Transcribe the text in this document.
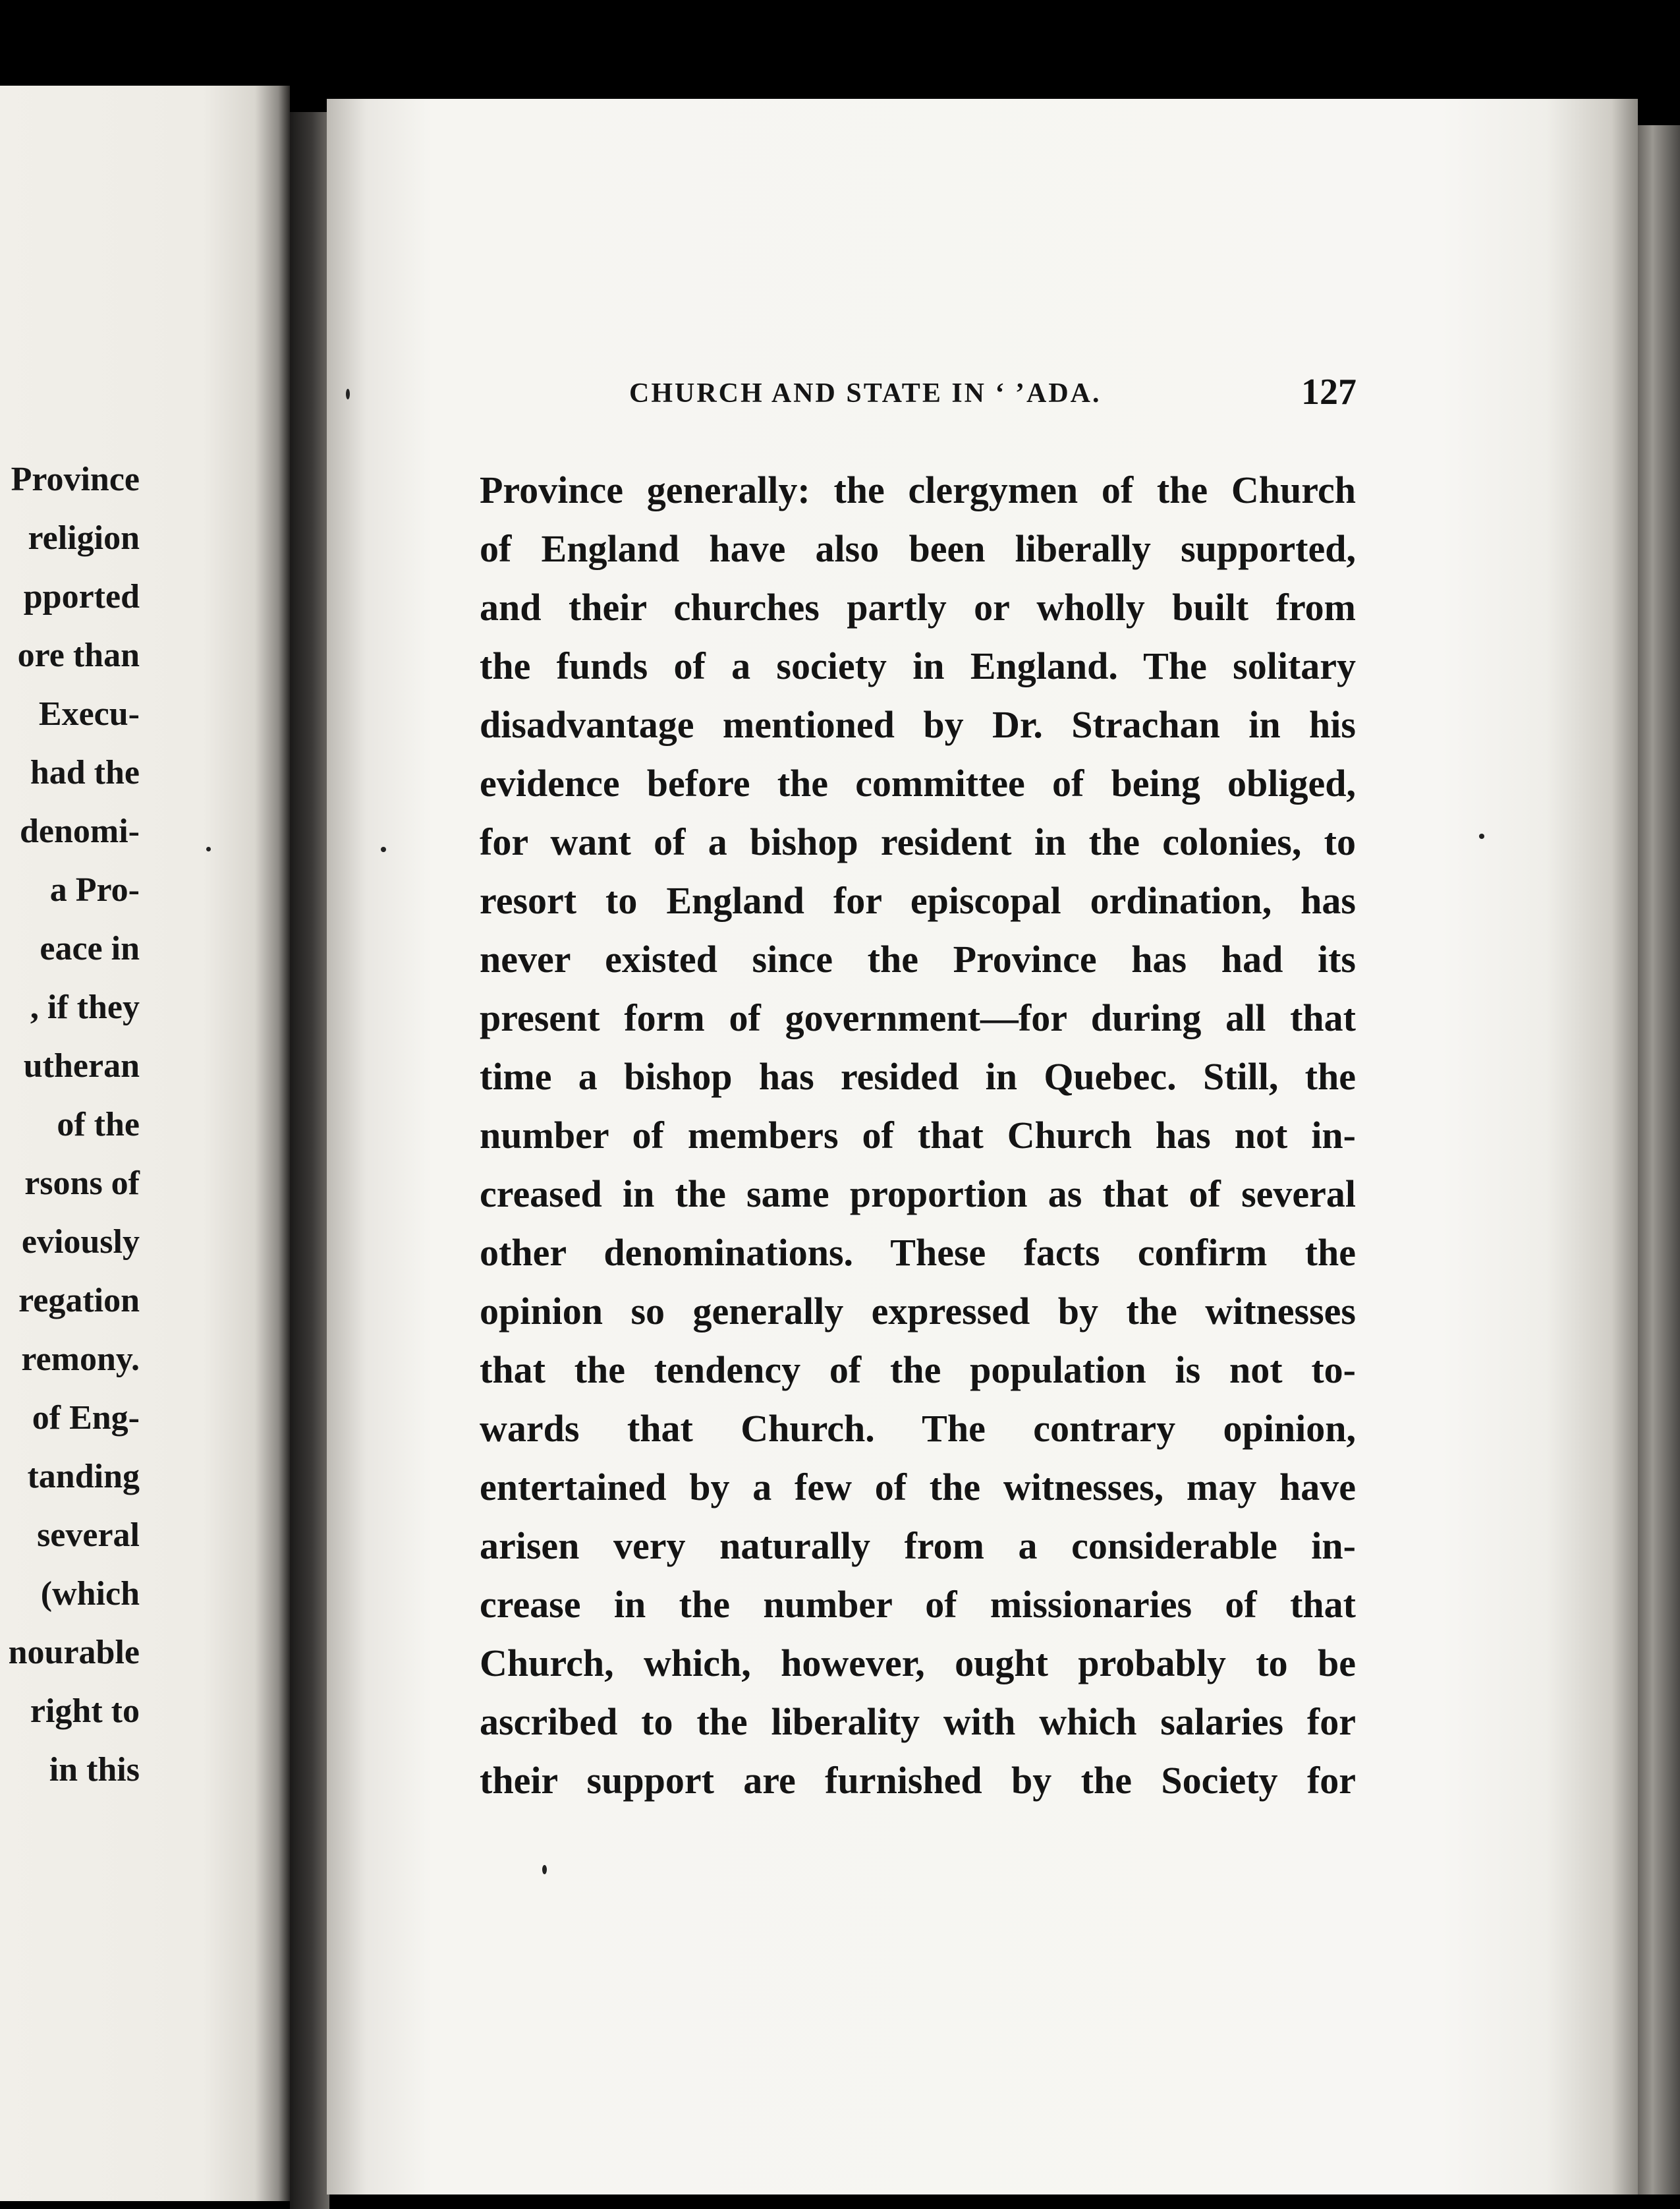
Province
religion
pported
ore than
Execu-
had the
denomi-
a Pro-
eace in
, if they
utheran
of the
rsons of
eviously
regation
remony.
of Eng-
tanding
several
(which
nourable
right to
in this
CHURCH AND STATE IN ‘ ’ADA.	127
Province generally: the clergymen of the Church
of England have also been liberally supported,
and their churches partly or wholly built from
the funds of a society in England. The solitary
disadvantage mentioned by Dr. Strachan in his
evidence before the committee of being obliged,
for want of a bishop resident in the colonies, to
resort to England for episcopal ordination, has
never existed since the Province has had its
present form of government—for during all that
time a bishop has resided in Quebec. Still, the
number of members of that Church has not in-
creased in the same proportion as that of several
other denominations. These facts confirm the
opinion so generally expressed by the witnesses
that the tendency of the population is not to-
wards that Church. The contrary opinion,
entertained by a few of the witnesses, may have
arisen very naturally from a considerable in-
crease in the number of missionaries of that
Church, which, however, ought probably to be
ascribed to the liberality with which salaries for
their support are furnished by the Society for
